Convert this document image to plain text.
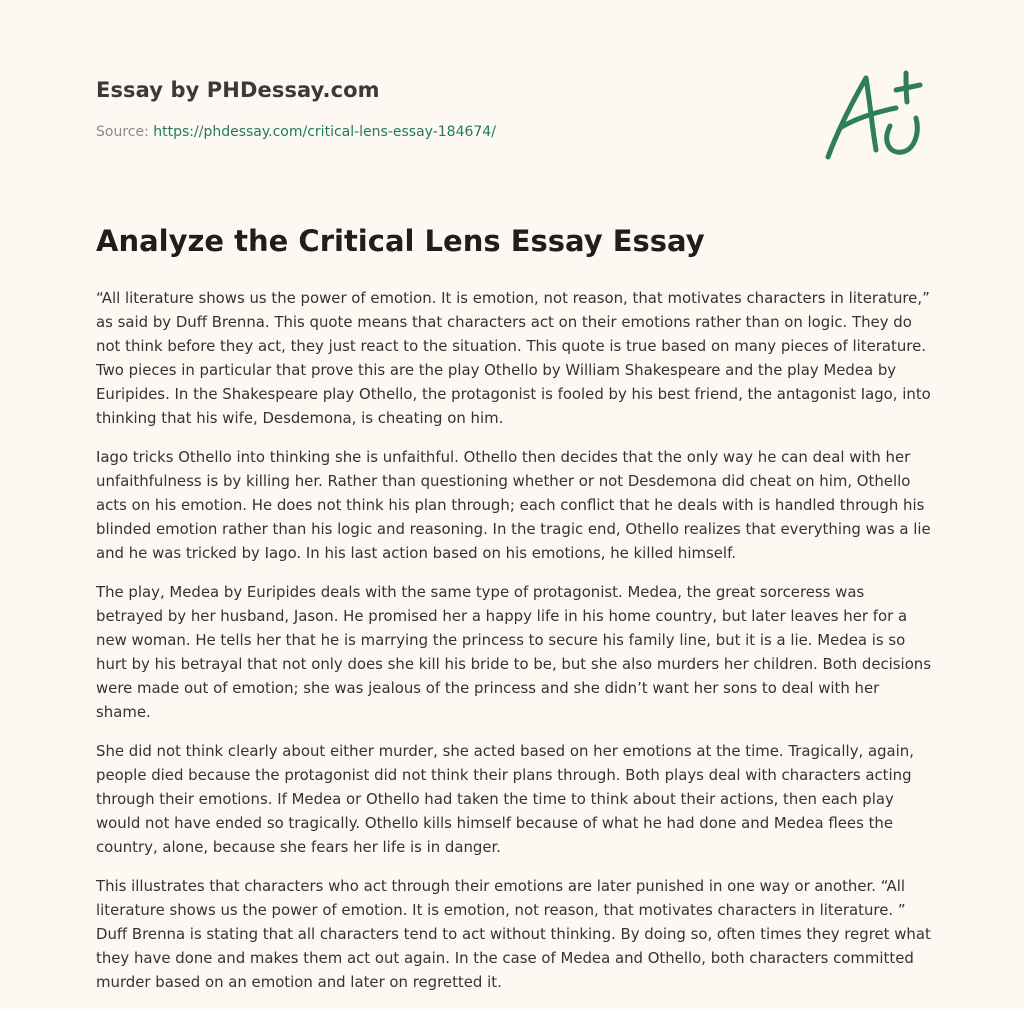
Essay by PHDessay.com
Source: https://phdessay.com/critical-lens-essay-184674/
Analyze the Critical Lens Essay Essay

“All literature shows us the power of emotion. It is emotion, not reason, that motivates characters in literature,” as said by Duff Brenna. This quote means that characters act on their emotions rather than on logic. They do not think before they act, they just react to the situation. This quote is true based on many pieces of literature. Two pieces in particular that prove this are the play Othello by William Shakespeare and the play Medea by Euripides. In the Shakespeare play Othello, the protagonist is fooled by his best friend, the antagonist Iago, into thinking that his wife, Desdemona, is cheating on him.

Iago tricks Othello into thinking she is unfaithful. Othello then decides that the only way he can deal with her unfaithfulness is by killing her. Rather than questioning whether or not Desdemona did cheat on him, Othello acts on his emotion. He does not think his plan through; each conflict that he deals with is handled through his blinded emotion rather than his logic and reasoning. In the tragic end, Othello realizes that everything was a lie and he was tricked by Iago. In his last action based on his emotions, he killed himself.

The play, Medea by Euripides deals with the same type of protagonist. Medea, the great sorceress was betrayed by her husband, Jason. He promised her a happy life in his home country, but later leaves her for a new woman. He tells her that he is marrying the princess to secure his family line, but it is a lie. Medea is so hurt by his betrayal that not only does she kill his bride to be, but she also murders her children. Both decisions were made out of emotion; she was jealous of the princess and she didn’t want her sons to deal with her shame.

She did not think clearly about either murder, she acted based on her emotions at the time. Tragically, again, people died because the protagonist did not think their plans through. Both plays deal with characters acting through their emotions. If Medea or Othello had taken the time to think about their actions, then each play would not have ended so tragically. Othello kills himself because of what he had done and Medea flees the country, alone, because she fears her life is in danger.

This illustrates that characters who act through their emotions are later punished in one way or another. “All literature shows us the power of emotion. It is emotion, not reason, that motivates characters in literature. ” Duff Brenna is stating that all characters tend to act without thinking. By doing so, often times they regret what they have done and makes them act out again. In the case of Medea and Othello, both characters committed murder based on an emotion and later on regretted it.
